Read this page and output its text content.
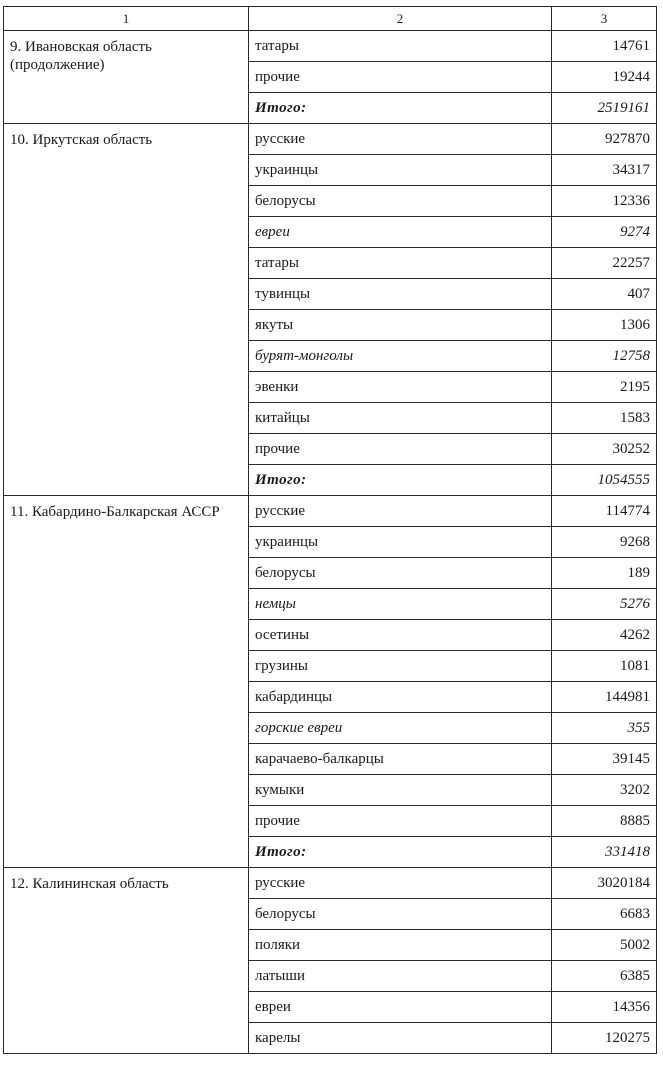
1	2	3
9. Ивановская область (продолжение)	татары	14761
	прочие	19244
	Итого:	2519161
10. Иркутская область	русские	927870
	украинцы	34317
	белорусы	12336
	евреи	9274
	татары	22257
	тувинцы	407
	якуты	1306
	бурят-монголы	12758
	эвенки	2195
	китайцы	1583
	прочие	30252
	Итого:	1054555
11. Кабардино-Балкарская АССР	русские	114774
	украинцы	9268
	белорусы	189
	немцы	5276
	осетины	4262
	грузины	1081
	кабардинцы	144981
	горские евреи	355
	карачаево-балкарцы	39145
	кумыки	3202
	прочие	8885
	Итого:	331418
12. Калининская область	русские	3020184
	белорусы	6683
	поляки	5002
	латыши	6385
	евреи	14356
	карелы	120275
